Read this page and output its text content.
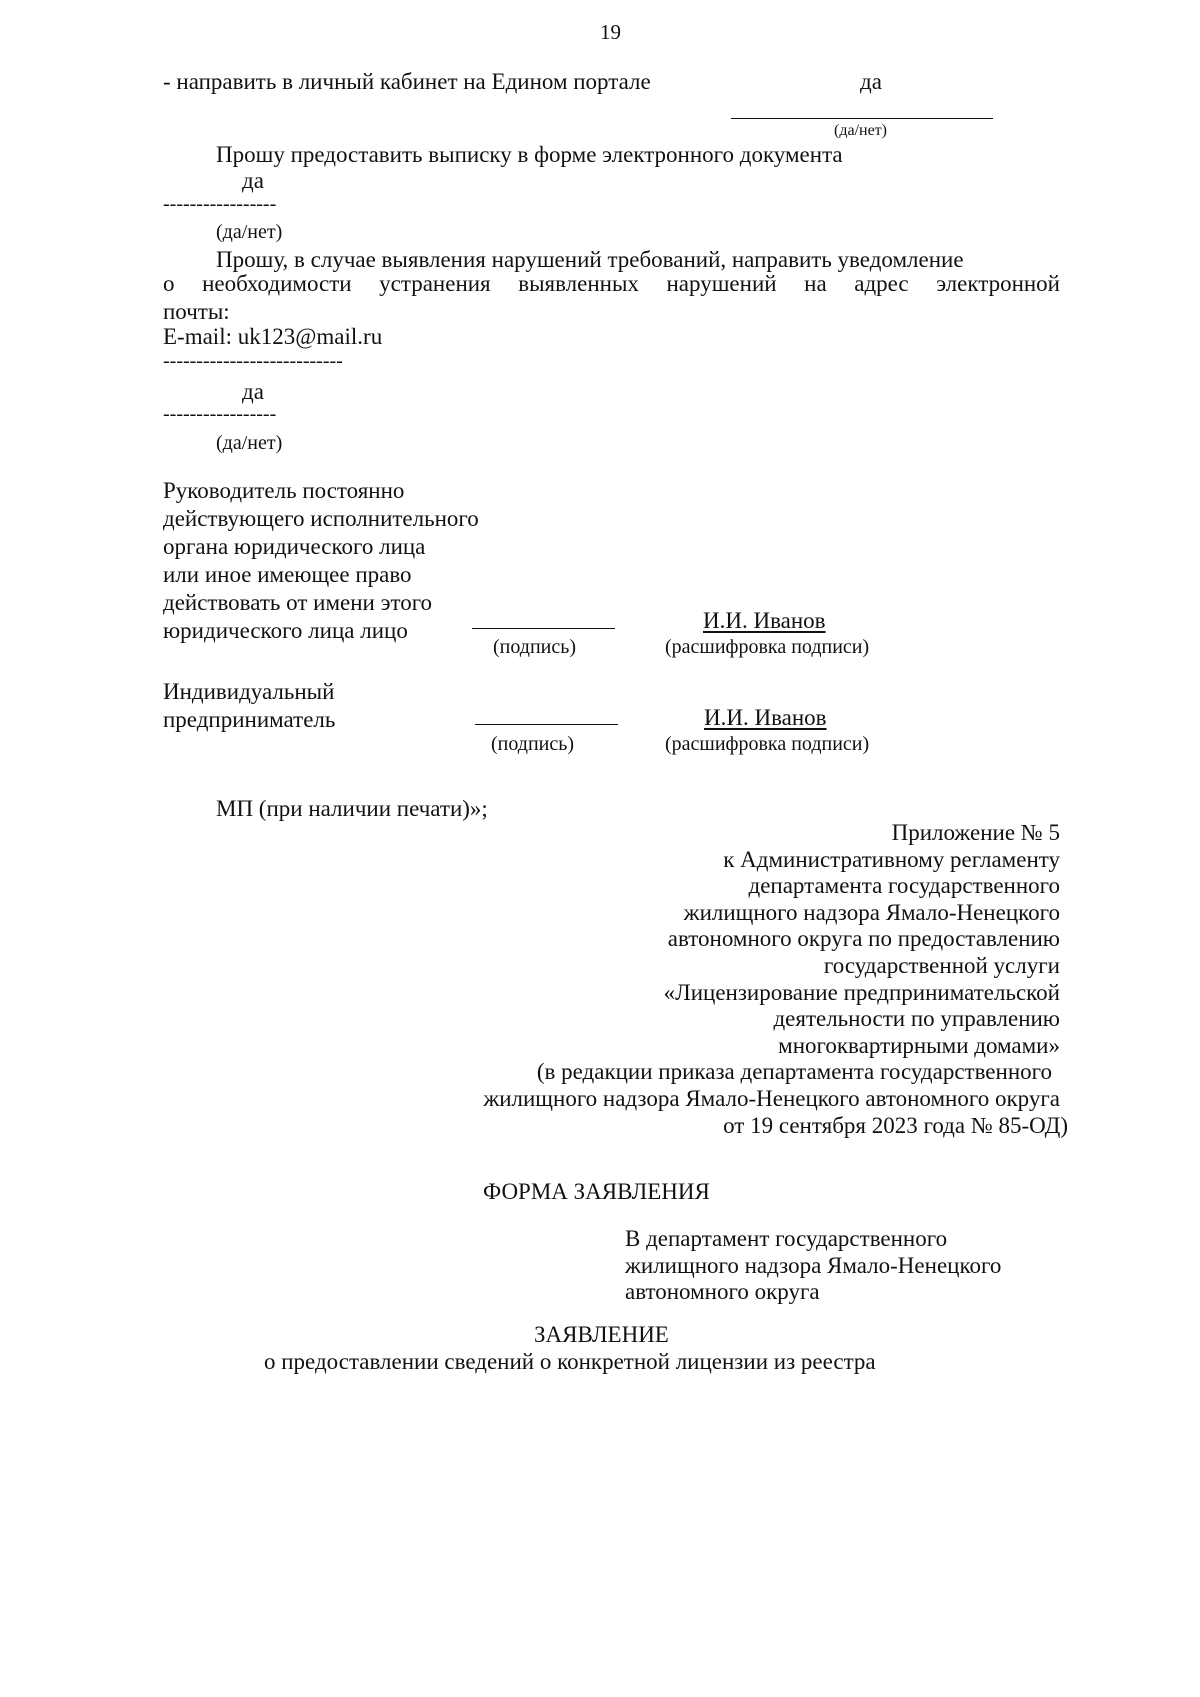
19
- направить в личный кабинет на Едином портале	да
(да/нет)
Прошу предоставить выписку в форме электронного документа
да
-----------------
(да/нет)
Прошу, в случае выявления нарушений требований, направить уведомление
о необходимости устранения выявленных нарушений на адрес электронной
почты:
E-mail: uk123@mail.ru
---------------------------
да
-----------------
(да/нет)
Руководитель постоянно
действующего исполнительного
органа юридического лица
или иное имеющее право
действовать от имени этого
юридического лица лицо	И.И. Иванов
(подпись)	(расшифровка подписи)
Индивидуальный
предприниматель	И.И. Иванов
(подпись)	(расшифровка подписи)
МП (при наличии печати)»;
Приложение № 5
к Административному регламенту
департамента государственного
жилищного надзора Ямало-Ненецкого
автономного округа по предоставлению
государственной услуги
«Лицензирование предпринимательской
деятельности по управлению
многоквартирными домами»
(в редакции приказа департамента государственного
жилищного надзора Ямало-Ненецкого автономного округа
от 19 сентября 2023 года № 85-ОД)
ФОРМА ЗАЯВЛЕНИЯ
В департамент государственного
жилищного надзора Ямало-Ненецкого
автономного округа
ЗАЯВЛЕНИЕ
о предоставлении сведений о конкретной лицензии из реестра
